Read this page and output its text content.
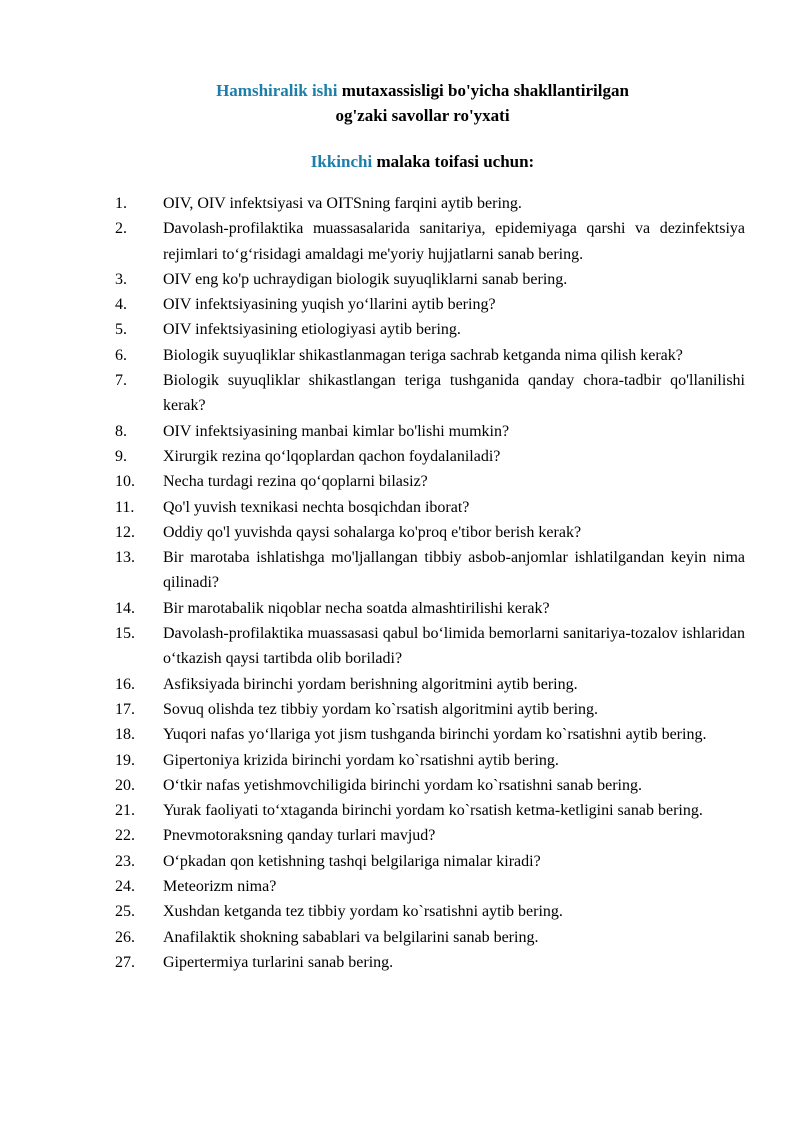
Hamshiralik ishi mutaxassisligi bo'yicha shakllantirilgan
og'zaki savollar ro'yxati
Ikkinchi malaka toifasi uchun:
1.	OIV, OIV infektsiyasi va OITSning farqini aytib bering.
2.	Davolash-profilaktika muassasalarida sanitariya, epidemiyaga qarshi va dezinfektsiya rejimlari toʻgʻrisidagi amaldagi me'yoriy hujjatlarni sanab bering.
3.	OIV eng ko'p uchraydigan biologik suyuqliklarni sanab bering.
4.	OIV infektsiyasining yuqish yoʻllarini aytib bering?
5.	OIV infektsiyasining etiologiyasi aytib bering.
6.	Biologik suyuqliklar shikastlanmagan teriga sachrab ketganda nima qilish kerak?
7.	Biologik suyuqliklar shikastlangan teriga tushganida qanday chora-tadbir qo'llanilishi kerak?
8.	OIV infektsiyasining manbai kimlar bo'lishi mumkin?
9.	Xirurgik rezina qoʻlqoplardan qachon foydalaniladi?
10.	Necha turdagi rezina qoʻqoplarni bilasiz?
11.	Qo'l yuvish texnikasi nechta bosqichdan iborat?
12.	Oddiy qo'l yuvishda qaysi sohalarga ko'proq e'tibor berish kerak?
13.	Bir marotaba ishlatishga mo'ljallangan tibbiy asbob-anjomlar ishlatilgandan keyin nima qilinadi?
14.	Bir marotabalik niqoblar necha soatda almashtirilishi kerak?
15.	Davolash-profilaktika muassasasi qabul boʻlimida bemorlarni sanitariya-tozalov ishlaridan oʻtkazish qaysi tartibda olib boriladi?
16.	Asfiksiyada birinchi yordam berishning algoritmini aytib bering.
17.	Sovuq olishda tez tibbiy yordam ko`rsatish algoritmini aytib bering.
18.	Yuqori nafas yoʻllariga yot jism tushganda birinchi yordam ko`rsatishni aytib bering.
19.	Gipertoniya krizida birinchi yordam ko`rsatishni aytib bering.
20.	Oʻtkir nafas yetishmovchiligida birinchi yordam ko`rsatishni sanab bering.
21.	Yurak faoliyati toʻxtaganda birinchi yordam ko`rsatish ketma-ketligini sanab bering.
22.	Pnevmotoraksning qanday turlari mavjud?
23.	Oʻpkadan qon ketishning tashqi belgilariga nimalar kiradi?
24.	Meteorizm nima?
25.	Xushdan ketganda tez tibbiy yordam ko`rsatishni aytib bering.
26.	Anafilaktik shokning sabablari va belgilarini sanab bering.
27.	Gipertermiya turlarini sanab bering.
